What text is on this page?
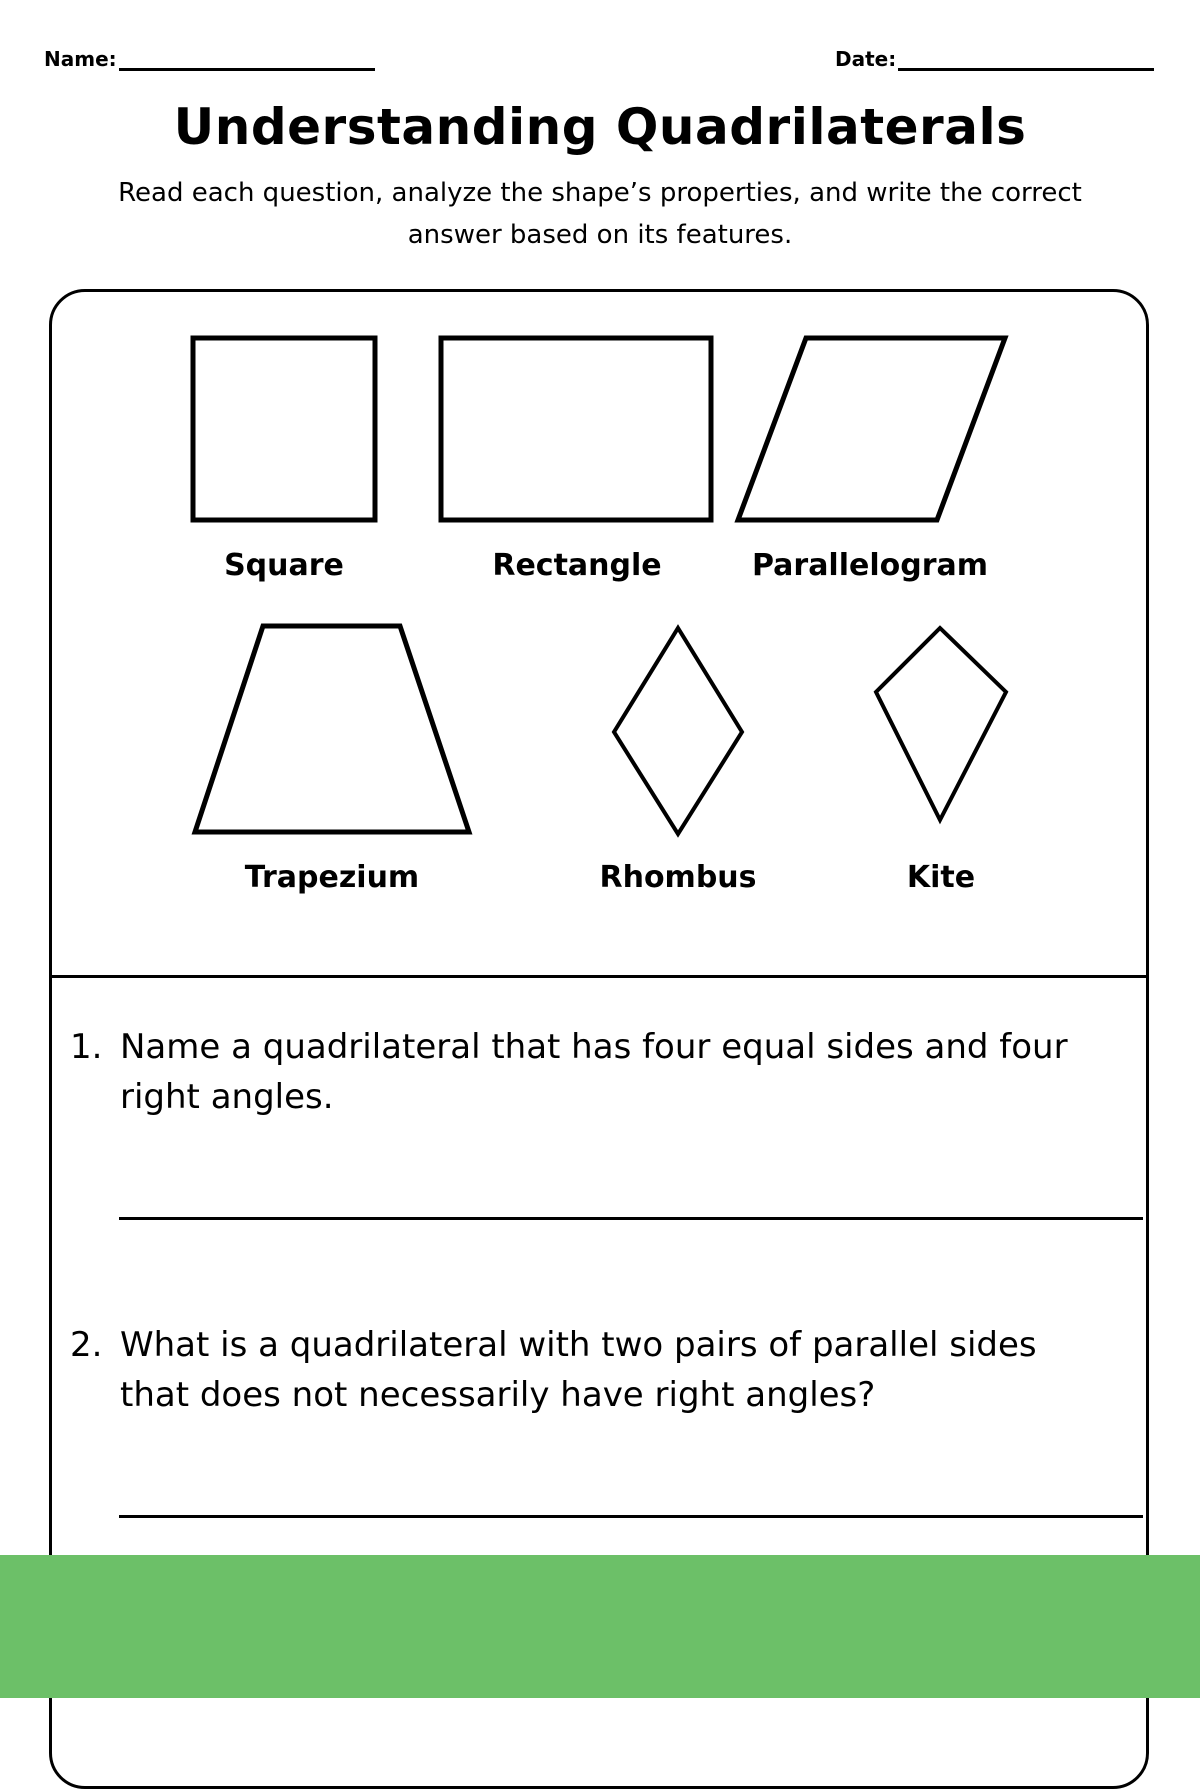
Name:	Date:
Understanding Quadrilaterals

Read each question, analyze the shape’s properties, and write the correct answer based on its features.

Square	Rectangle	Parallelogram
Trapezium	Rhombus	Kite
1. Name a quadrilateral that has four equal sides and four right angles.
2. What is a quadrilateral with two pairs of parallel sides that does not necessarily have right angles?
